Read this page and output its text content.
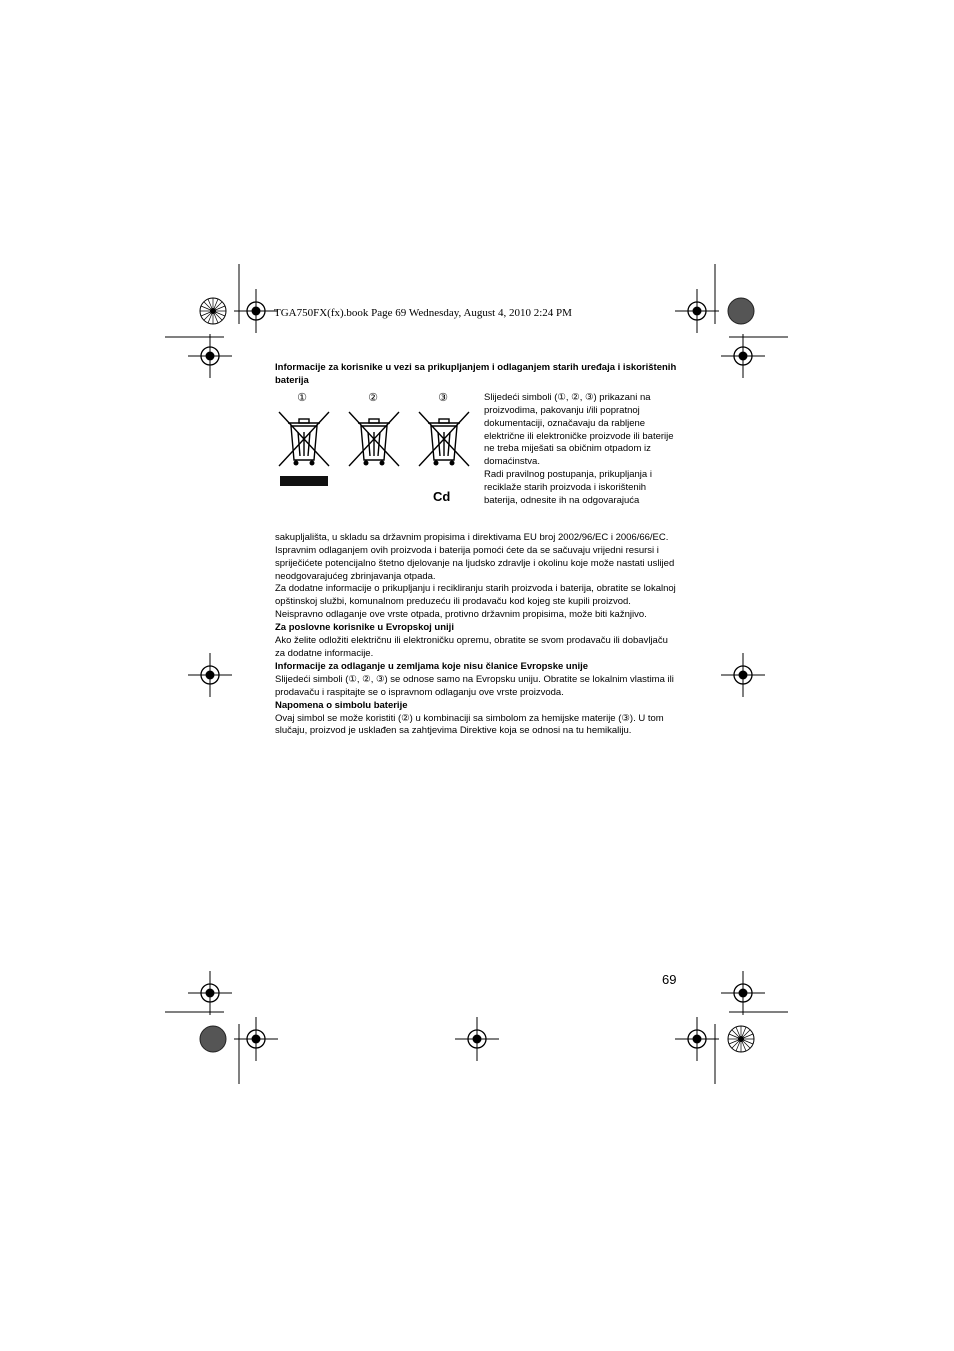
TGA750FX(fx).book Page 69 Wednesday, August 4, 2010 2:24 PM

Informacije za korisnike u vezi sa prikupljanjem i odlaganjem starih uređaja i iskorištenih baterija

①	②	③
Cd

Slijedeći simboli (①, ②, ③) prikazani na proizvodima, pakovanju i/ili popratnoj dokumentaciji, označavaju da rabljene električne ili elektroničke proizvode ili baterije ne treba miješati sa običnim otpadom iz domaćinstva.

Radi pravilnog postupanja, prikupljanja i reciklaže starih proizvoda i iskorištenih baterija, odnesite ih na odgovarajuća

sakupljališta, u skladu sa državnim propisima i direktivama EU broj 2002/96/EC i 2006/66/EC.

Ispravnim odlaganjem ovih proizvoda i baterija pomoći ćete da se sačuvaju vrijedni resursi i spriječićete potencijalno štetno djelovanje na ljudsko zdravlje i okolinu koje može nastati uslijed neodgovarajućeg zbrinjavanja otpada.

Za dodatne informacije o prikupljanju i recikliranju starih proizvoda i baterija, obratite se lokalnoj opštinskoj službi, komunalnom preduzeću ili prodavaču kod kojeg ste kupili proizvod.

Neispravno odlaganje ove vrste otpada, protivno državnim propisima, može biti kažnjivo.

Za poslovne korisnike u Evropskoj uniji

Ako želite odložiti električnu ili elektroničku opremu, obratite se svom prodavaču ili dobavljaču za dodatne informacije.

Informacije za odlaganje u zemljama koje nisu članice Evropske unije

Slijedeći simboli (①, ②, ③) se odnose samo na Evropsku uniju. Obratite se lokalnim vlastima ili prodavaču i raspitajte se o ispravnom odlaganju ove vrste proizvoda.

Napomena o simbolu baterije

Ovaj simbol se može koristiti (②) u kombinaciji sa simbolom za hemijske materije (③). U tom slučaju, proizvod je usklađen sa zahtjevima Direktive koja se odnosi na tu hemikaliju.

69
